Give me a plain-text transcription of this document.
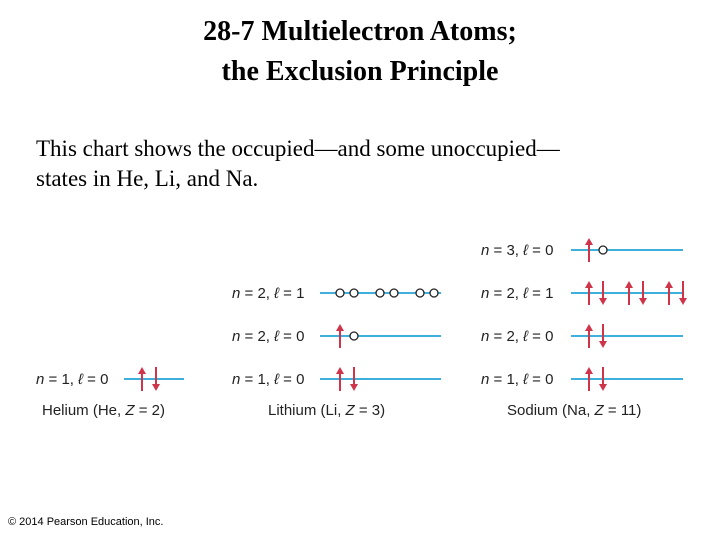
28-7 Multielectron Atoms;
the Exclusion Principle
This chart shows the occupied—and some unoccupied—
states in He, Li, and Na.
n = 1, ℓ = 0
Helium (He, Z = 2)
n = 2, ℓ = 1
n = 2, ℓ = 0
n = 1, ℓ = 0
Lithium (Li, Z = 3)
n = 3, ℓ = 0
n = 2, ℓ = 1
n = 2, ℓ = 0
n = 1, ℓ = 0
Sodium (Na, Z = 11)
© 2014 Pearson Education, Inc.
